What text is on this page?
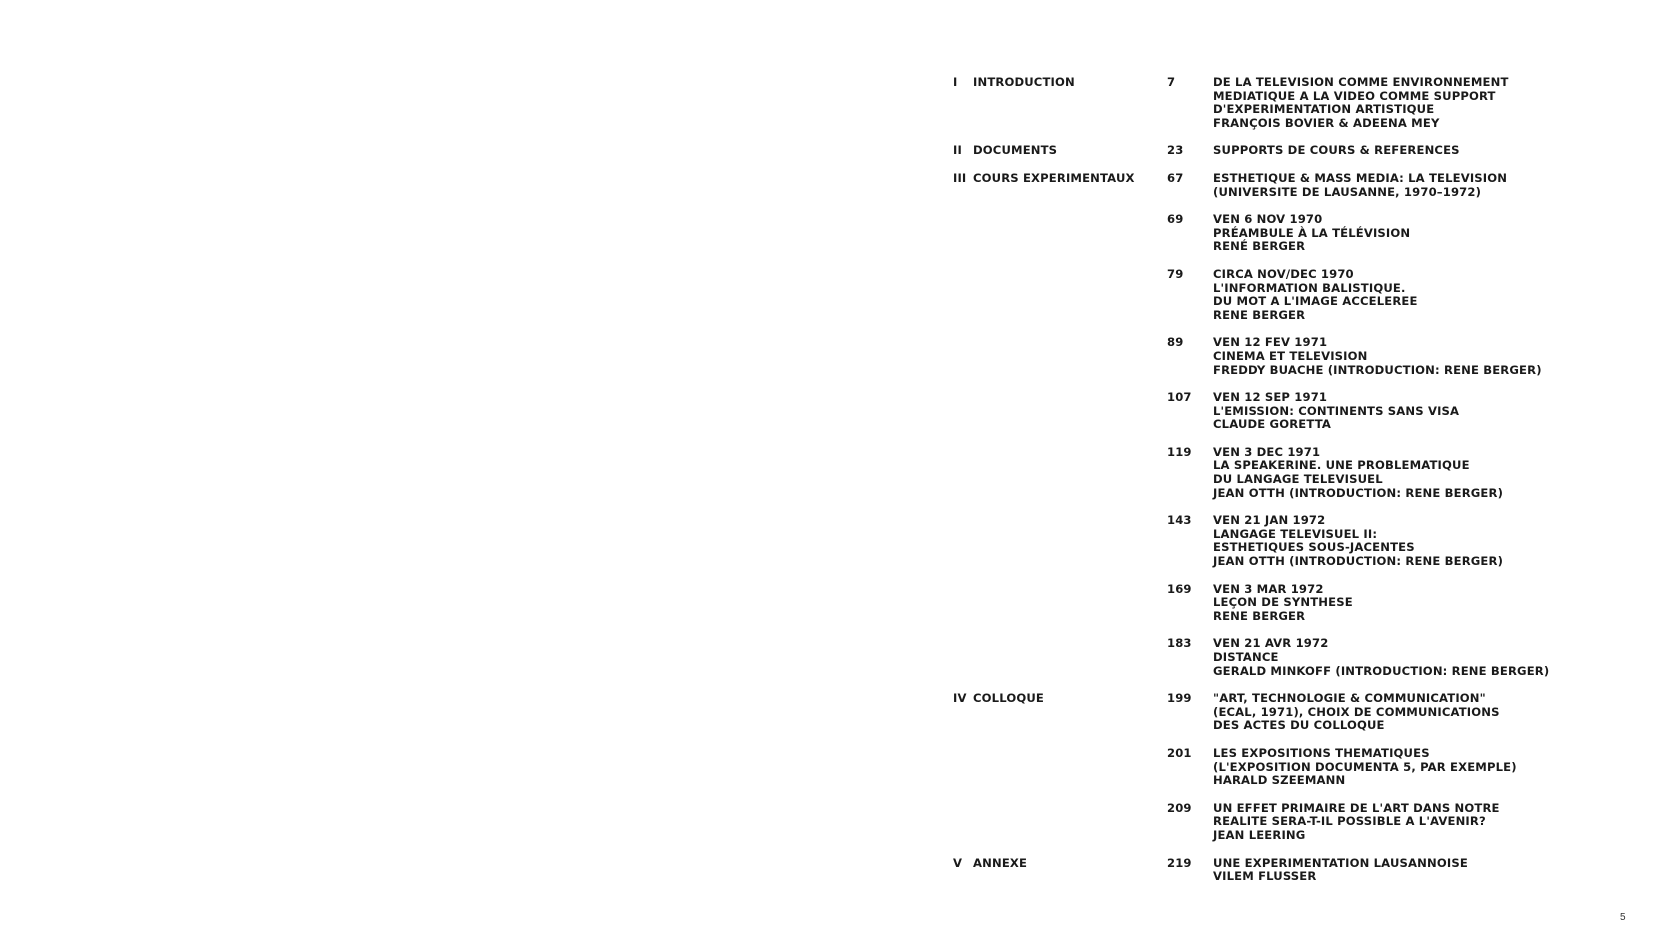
I	INTRODUCTION	7	DE LA TELEVISION COMME ENVIRONNEMENT
MEDIATIQUE A LA VIDEO COMME SUPPORT
D'EXPERIMENTATION ARTISTIQUE
FRANÇOIS BOVIER & ADEENA MEY
II DOCUMENTS	23	SUPPORTS DE COURS & REFERENCES
III COURS EXPERIMENTAUX	67	ESTHETIQUE & MASS MEDIA: LA TELEVISION
(UNIVERSITE DE LAUSANNE, 1970–1972)
69	VEN 6 NOV 1970
PRÉAMBULE À LA TÉLÉVISION
RENÉ BERGER
79	CIRCA NOV/DEC 1970
L'INFORMATION BALISTIQUE.
DU MOT A L'IMAGE ACCELEREE
RENE BERGER
89	VEN 12 FEV 1971
CINEMA ET TELEVISION
FREDDY BUACHE (INTRODUCTION: RENE BERGER)
107	VEN 12 SEP 1971
L'EMISSION: CONTINENTS SANS VISA
CLAUDE GORETTA
119	VEN 3 DEC 1971
LA SPEAKERINE. UNE PROBLEMATIQUE
DU LANGAGE TELEVISUEL
JEAN OTTH (INTRODUCTION: RENE BERGER)
143	VEN 21 JAN 1972
LANGAGE TELEVISUEL II:
ESTHETIQUES SOUS-JACENTES
JEAN OTTH (INTRODUCTION: RENE BERGER)
169	VEN 3 MAR 1972
LEÇON DE SYNTHESE
RENE BERGER
183	VEN 21 AVR 1972
DISTANCE
GERALD MINKOFF (INTRODUCTION: RENE BERGER)
IV COLLOQUE	199	"ART, TECHNOLOGIE & COMMUNICATION"
(ECAL, 1971), CHOIX DE COMMUNICATIONS
DES ACTES DU COLLOQUE
201	LES EXPOSITIONS THEMATIQUES
(L'EXPOSITION DOCUMENTA 5, PAR EXEMPLE)
HARALD SZEEMANN
209	UN EFFET PRIMAIRE DE L'ART DANS NOTRE
REALITE SERA-T-IL POSSIBLE A L'AVENIR?
JEAN LEERING
V ANNEXE	219	UNE EXPERIMENTATION LAUSANNOISE
VILEM FLUSSER
5
